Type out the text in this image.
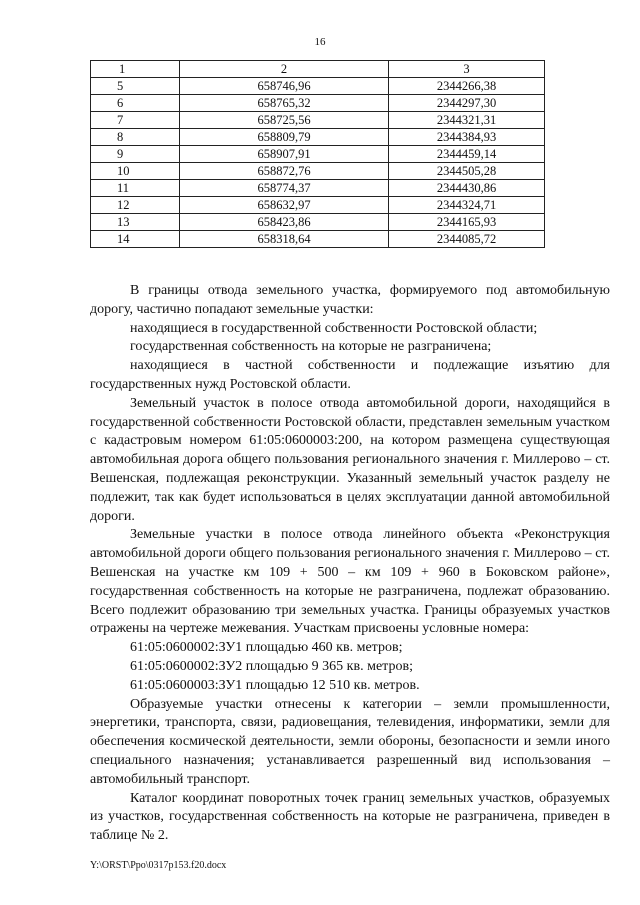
16
1	2	3
5	658746,96	2344266,38
6	658765,32	2344297,30
7	658725,56	2344321,31
8	658809,79	2344384,93
9	658907,91	2344459,14
10	658872,76	2344505,28
11	658774,37	2344430,86
12	658632,97	2344324,71
13	658423,86	2344165,93
14	658318,64	2344085,72

В границы отвода земельного участка, формируемого под автомобильную дорогу, частично попадают земельные участки:

находящиеся в государственной собственности Ростовской области;

государственная собственность на которые не разграничена;

находящиеся в частной собственности и подлежащие изъятию для государственных нужд Ростовской области.

Земельный участок в полосе отвода автомобильной дороги, находящийся в государственной собственности Ростовской области, представлен земельным участком с кадастровым номером 61:05:0600003:200, на котором размещена существующая автомобильная дорога общего пользования регионального значения г. Миллерово – ст. Вешенская, подлежащая реконструкции. Указанный земельный участок разделу не подлежит, так как будет использоваться в целях эксплуатации данной автомобильной дороги.

Земельные участки в полосе отвода линейного объекта «Реконструкция автомобильной дороги общего пользования регионального значения г. Миллерово – ст. Вешенская на участке км 109 + 500 – км 109 + 960 в Боковском районе», государственная собственность на которые не разграничена, подлежат образованию. Всего подлежит образованию три земельных участка. Границы образуемых участков отражены на чертеже межевания. Участкам присвоены условные номера:

61:05:0600002:ЗУ1 площадью 460 кв. метров;

61:05:0600002:ЗУ2 площадью 9 365 кв. метров;

61:05:0600003:ЗУ1 площадью 12 510 кв. метров.

Образуемые участки отнесены к категории – земли промышленности, энергетики, транспорта, связи, радиовещания, телевидения, информатики, земли для обеспечения космической деятельности, земли обороны, безопасности и земли иного специального назначения; устанавливается разрешенный вид использования – автомобильный транспорт.

Каталог координат поворотных точек границ земельных участков, образуемых из участков, государственная собственность на которые не разграничена, приведен в таблице № 2.

Y:\ORST\Ppo\0317p153.f20.docx
